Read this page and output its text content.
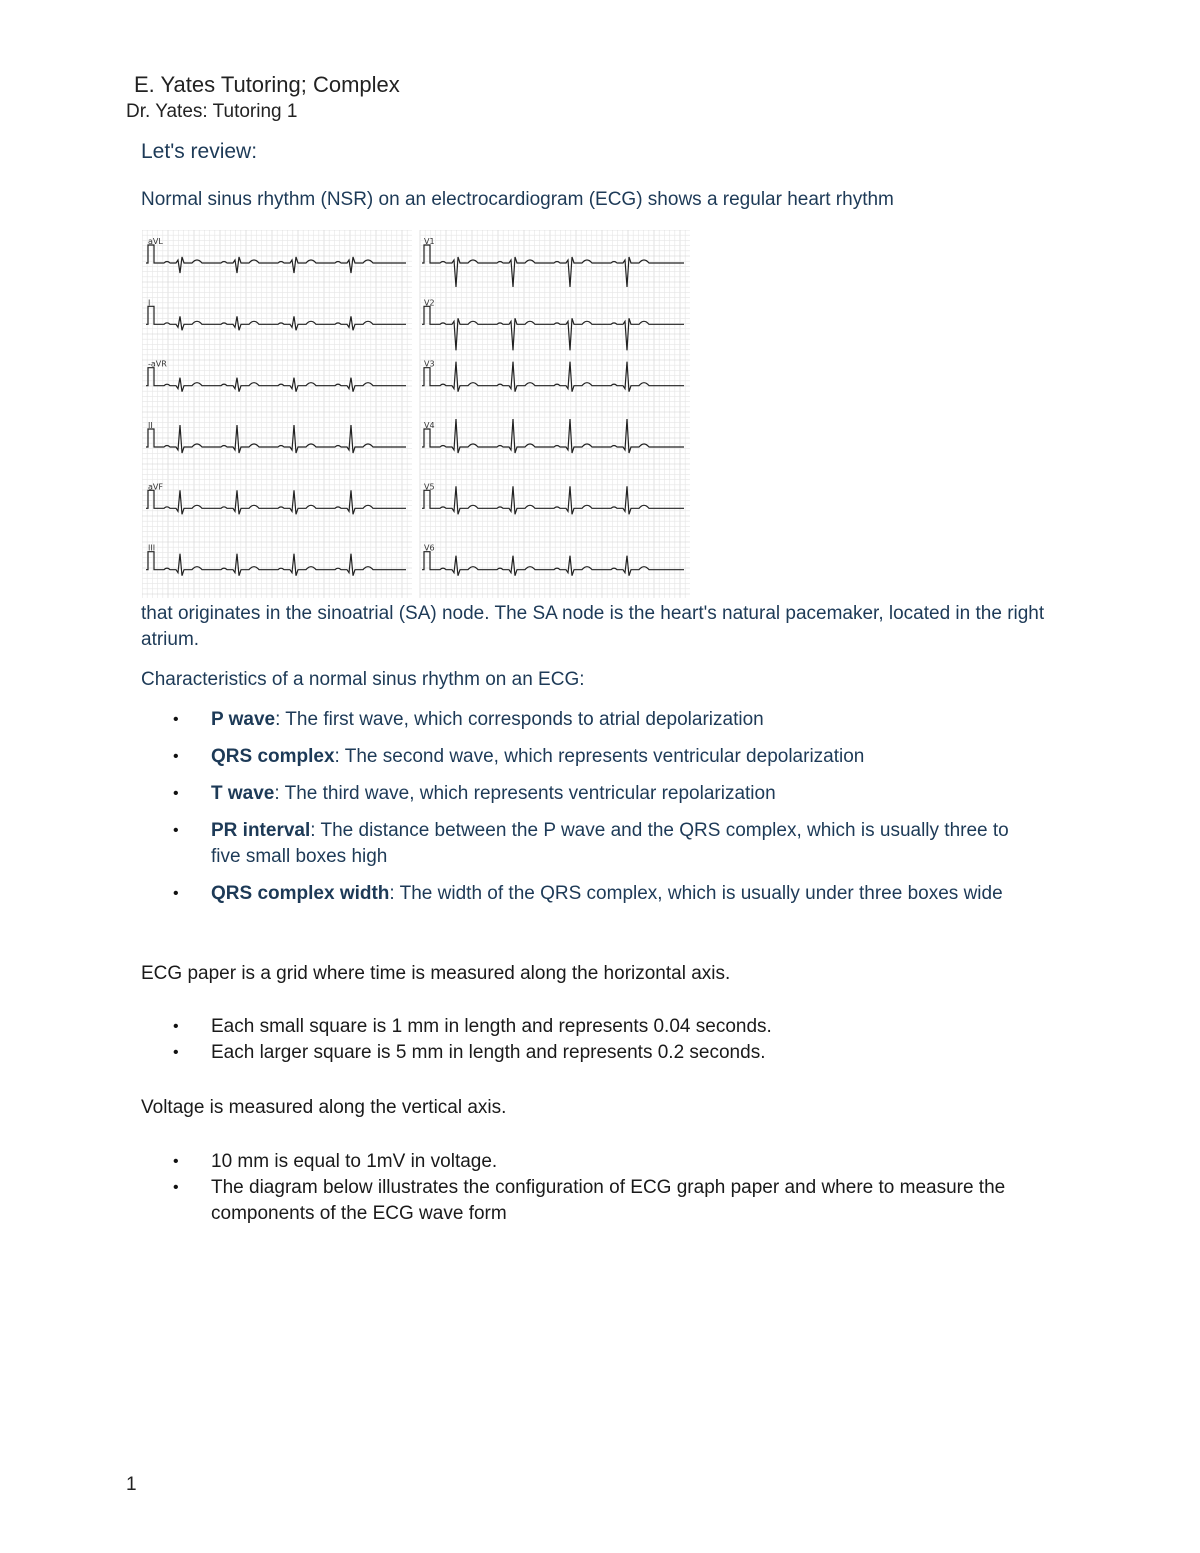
E. Yates Tutoring; Complex
Dr. Yates: Tutoring 1
Let's review:
Normal sinus rhythm (NSR) on an electrocardiogram (ECG) shows a regular heart rhythm
aVL
I
-aVR
II
aVF
III
V1
V2
V3
V4
V5
V6
that originates in the sinoatrial (SA) node. The SA node is the heart's natural pacemaker, located in the right atrium.
Characteristics of a normal sinus rhythm on an ECG:
• P wave: The first wave, which corresponds to atrial depolarization
• QRS complex: The second wave, which represents ventricular depolarization
• T wave: The third wave, which represents ventricular repolarization
• PR interval: The distance between the P wave and the QRS complex, which is usually three to five small boxes high
• QRS complex width: The width of the QRS complex, which is usually under three boxes wide
ECG paper is a grid where time is measured along the horizontal axis.
• Each small square is 1 mm in length and represents 0.04 seconds.
• Each larger square is 5 mm in length and represents 0.2 seconds.
Voltage is measured along the vertical axis.
• 10 mm is equal to 1mV in voltage.
• The diagram below illustrates the configuration of ECG graph paper and where to measure the components of the ECG wave form
1
